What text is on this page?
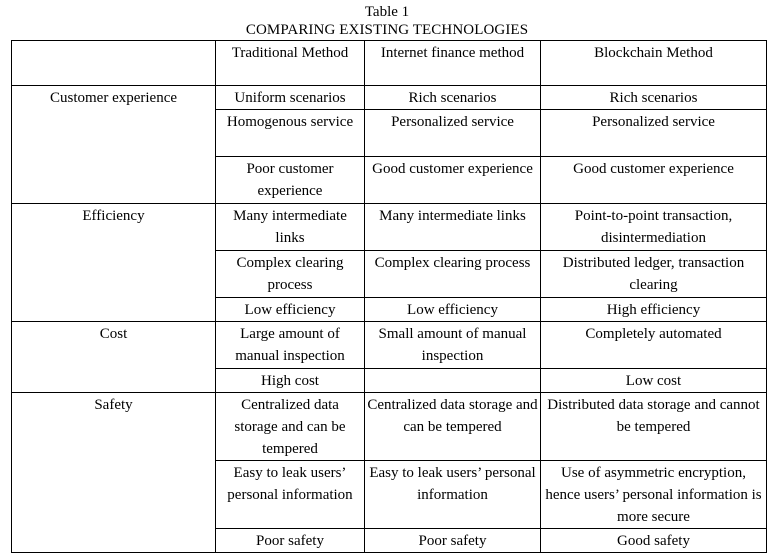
Table 1
COMPARING EXISTING TECHNOLOGIES
	Traditional Method	Internet finance method	Blockchain Method
Customer experience	Uniform scenarios	Rich scenarios	Rich scenarios
	Homogenous service	Personalized service	Personalized service
	Poor customer experience	Good customer experience	Good customer experience
Efficiency	Many intermediate links	Many intermediate links	Point-to-point transaction, disintermediation
	Complex clearing process	Complex clearing process	Distributed ledger, transaction clearing
	Low efficiency	Low efficiency	High efficiency
Cost	Large amount of manual inspection	Small amount of manual inspection	Completely automated
	High cost		Low cost
Safety	Centralized data storage and can be tempered	Centralized data storage and can be tempered	Distributed data storage and cannot be tempered
	Easy to leak users’ personal information	Easy to leak users’ personal information	Use of asymmetric encryption, hence users’ personal information is more secure
	Poor safety	Poor safety	Good safety
